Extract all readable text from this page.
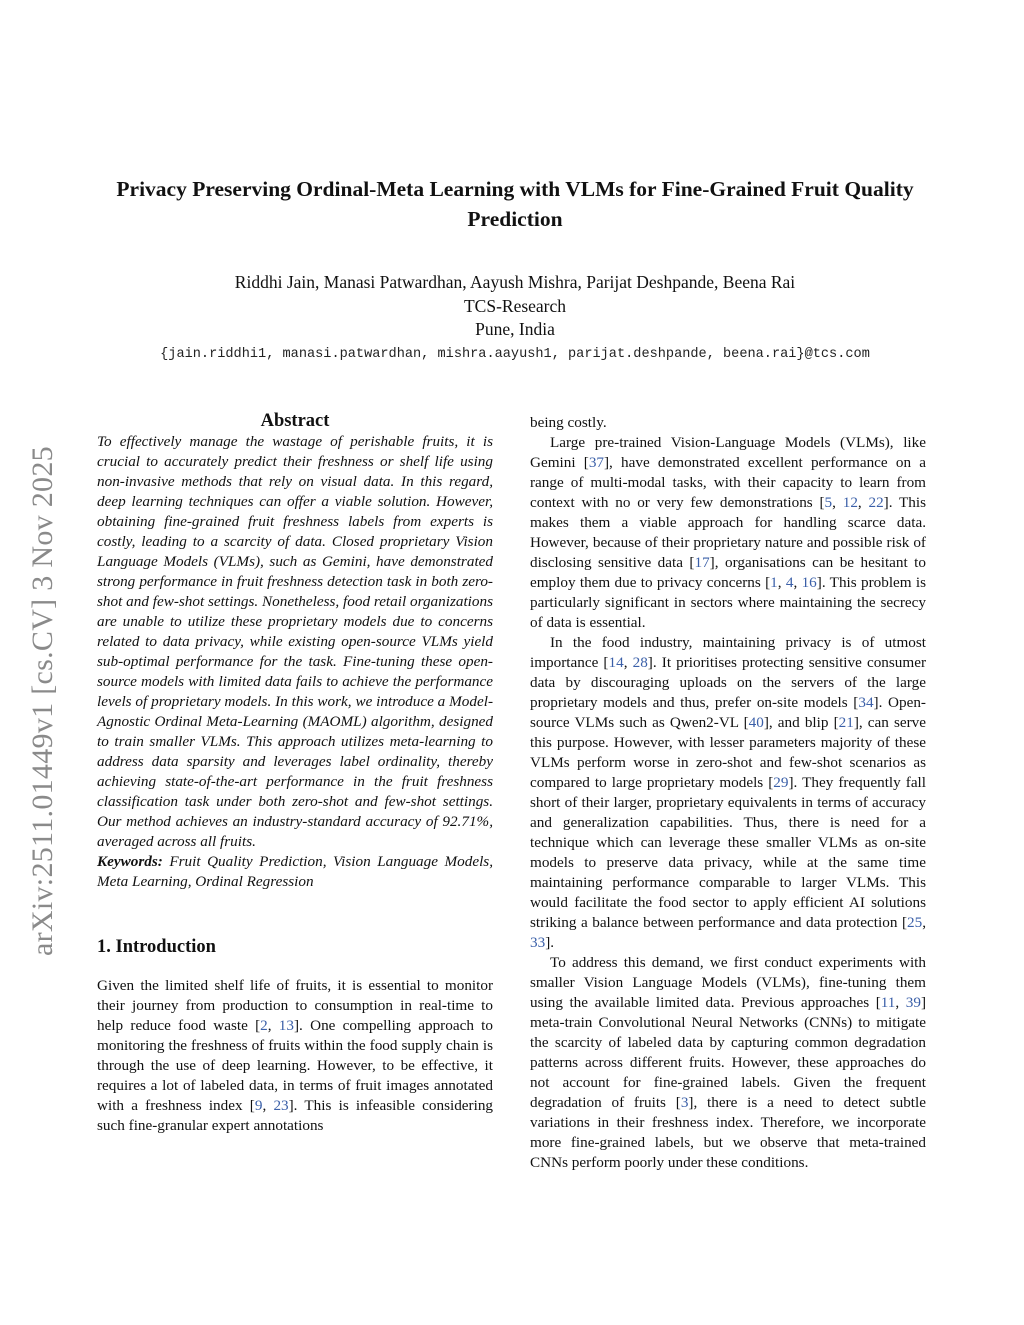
arXiv:2511.01449v1 [cs.CV] 3 Nov 2025
Privacy Preserving Ordinal-Meta Learning with VLMs for Fine-Grained Fruit Quality Prediction
Riddhi Jain, Manasi Patwardhan, Aayush Mishra, Parijat Deshpande, Beena Rai
TCS-Research
Pune, India
{jain.riddhi1, manasi.patwardhan, mishra.aayush1, parijat.deshpande, beena.rai}@tcs.com

Abstract

To effectively manage the wastage of perishable fruits, it is crucial to accurately predict their freshness or shelf life using non-invasive methods that rely on visual data. In this regard, deep learning techniques can offer a viable solution. However, obtaining fine-grained fruit freshness labels from experts is costly, leading to a scarcity of data. Closed proprietary Vision Language Models (VLMs), such as Gemini, have demonstrated strong performance in fruit freshness detection task in both zero-shot and few-shot settings. Nonetheless, food retail organizations are unable to utilize these proprietary models due to concerns related to data privacy, while existing open-source VLMs yield sub-optimal performance for the task. Fine-tuning these open-source models with limited data fails to achieve the performance levels of proprietary models. In this work, we introduce a Model-Agnostic Ordinal Meta-Learning (MAOML) algorithm, designed to train smaller VLMs. This approach utilizes meta-learning to address data sparsity and leverages label ordinality, thereby achieving state-of-the-art performance in the fruit freshness classification task under both zero-shot and few-shot settings. Our method achieves an industry-standard accuracy of 92.71%, averaged across all fruits.

Keywords: Fruit Quality Prediction, Vision Language Models, Meta Learning, Ordinal Regression

1. Introduction

Given the limited shelf life of fruits, it is essential to monitor their journey from production to consumption in real-time to help reduce food waste [2, 13]. One compelling approach to monitoring the freshness of fruits within the food supply chain is through the use of deep learning. However, to be effective, it requires a lot of labeled data, in terms of fruit images annotated with a freshness index [9, 23]. This is infeasible considering such fine-granular expert annotations

being costly.

Large pre-trained Vision-Language Models (VLMs), like Gemini [37], have demonstrated excellent performance on a range of multi-modal tasks, with their capacity to learn from context with no or very few demonstrations [5, 12, 22]. This makes them a viable approach for handling scarce data. However, because of their proprietary nature and possible risk of disclosing sensitive data [17], organisations can be hesitant to employ them due to privacy concerns [1, 4, 16]. This problem is particularly significant in sectors where maintaining the secrecy of data is essential.

In the food industry, maintaining privacy is of utmost importance [14, 28]. It prioritises protecting sensitive consumer data by discouraging uploads on the servers of the large proprietary models and thus, prefer on-site models [34]. Open-source VLMs such as Qwen2-VL [40], and blip [21], can serve this purpose. However, with lesser parameters majority of these VLMs perform worse in zero-shot and few-shot scenarios as compared to large proprietary models [29]. They frequently fall short of their larger, proprietary equivalents in terms of accuracy and generalization capabilities. Thus, there is need for a technique which can leverage these smaller VLMs as on-site models to preserve data privacy, while at the same time maintaining performance comparable to larger VLMs. This would facilitate the food sector to apply efficient AI solutions striking a balance between performance and data protection [25, 33].

To address this demand, we first conduct experiments with smaller Vision Language Models (VLMs), fine-tuning them using the available limited data. Previous approaches [11, 39] meta-train Convolutional Neural Networks (CNNs) to mitigate the scarcity of labeled data by capturing common degradation patterns across different fruits. However, these approaches do not account for fine-grained labels. Given the frequent degradation of fruits [3], there is a need to detect subtle variations in their freshness index. Therefore, we incorporate more fine-grained labels, but we observe that meta-trained CNNs perform poorly under these conditions.
